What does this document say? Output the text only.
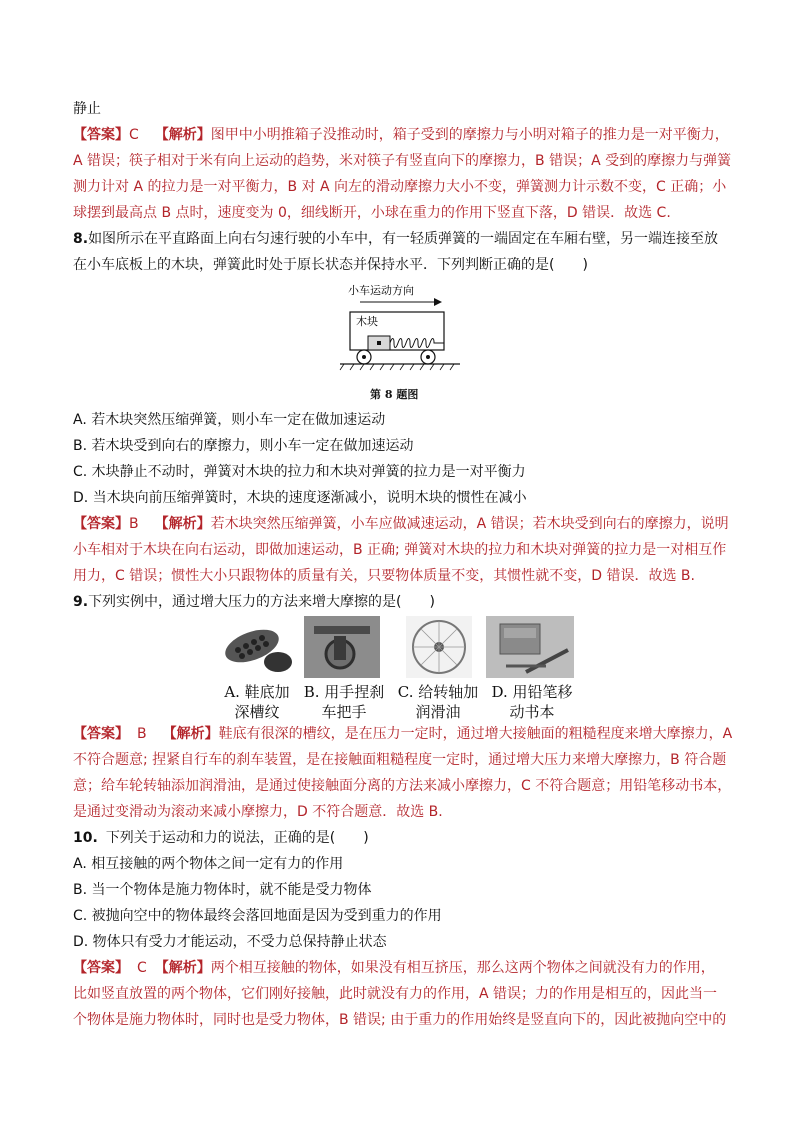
静止
【答案】C 【解析】图甲中小明推箱子没推动时，箱子受到的摩擦力与小明对箱子的推力是一对平衡力，
A 错误；筷子相对于米有向上运动的趋势，米对筷子有竖直向下的摩擦力，B 错误；A 受到的摩擦力与弹簧
测力计对 A 的拉力是一对平衡力，B 对 A 向左的滑动摩擦力大小不变，弹簧测力计示数不变，C 正确；小
球摆到最高点 B 点时，速度变为 0，细线断开，小球在重力的作用下竖直下落，D 错误．故选 C.
8.如图所示在平直路面上向右匀速行驶的小车中，有一轻质弹簧的一端固定在车厢右壁，另一端连接至放
在小车底板上的木块，弹簧此时处于原长状态并保持水平．下列判断正确的是(　　)
小车运动方向
木块
第 8 题图
A. 若木块突然压缩弹簧，则小车一定在做加速运动
B. 若木块受到向右的摩擦力，则小车一定在做加速运动
C. 木块静止不动时，弹簧对木块的拉力和木块对弹簧的拉力是一对平衡力
D. 当木块向前压缩弹簧时，木块的速度逐渐减小，说明木块的惯性在减小
【答案】B 【解析】若木块突然压缩弹簧，小车应做减速运动，A 错误；若木块受到向右的摩擦力，说明
小车相对于木块在向右运动，即做加速运动，B 正确; 弹簧对木块的拉力和木块对弹簧的拉力是一对相互作
用力，C 错误；惯性大小只跟物体的质量有关，只要物体质量不变，其惯性就不变，D 错误．故选 B.
9.下列实例中，通过增大压力的方法来增大摩擦的是(　　)
A. 鞋底加
深槽纹
B. 用手捏刹
车把手
C. 给转轴加
润滑油
D. 用铅笔移
动书本
【答案】 B 【解析】鞋底有很深的槽纹，是在压力一定时，通过增大接触面的粗糙程度来增大摩擦力，A
不符合题意; 捏紧自行车的刹车装置，是在接触面粗糙程度一定时，通过增大压力来增大摩擦力，B 符合题
意；给车轮转轴添加润滑油，是通过使接触面分离的方法来减小摩擦力，C 不符合题意；用铅笔移动书本，
是通过变滑动为滚动来减小摩擦力，D 不符合题意．故选 B.
10. 下列关于运动和力的说法，正确的是(　　)
A. 相互接触的两个物体之间一定有力的作用
B. 当一个物体是施力物体时，就不能是受力物体
C. 被抛向空中的物体最终会落回地面是因为受到重力的作用
D. 物体只有受力才能运动，不受力总保持静止状态
【答案】 C 【解析】两个相互接触的物体，如果没有相互挤压，那么这两个物体之间就没有力的作用，
比如竖直放置的两个物体，它们刚好接触，此时就没有力的作用，A 错误；力的作用是相互的，因此当一
个物体是施力物体时，同时也是受力物体，B 错误; 由于重力的作用始终是竖直向下的，因此被抛向空中的
